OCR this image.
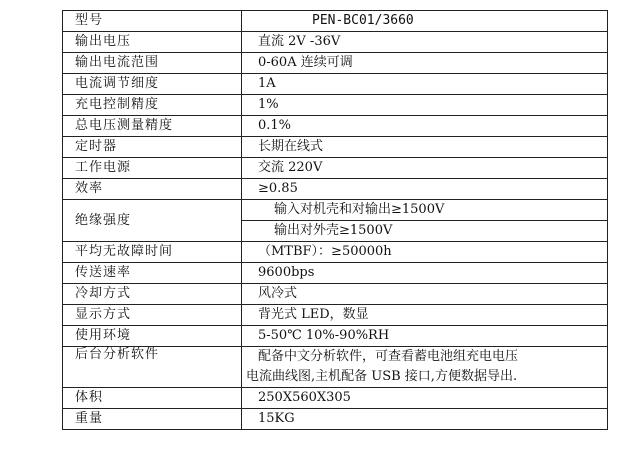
型号	PEN-BC01/3660
输出电压	直流 2V -36V
输出电流范围	0-60A 连续可调
电流调节细度	1A
充电控制精度	1%
总电压测量精度	0.1%
定时器	长期在线式
工作电源	交流 220V
效率	≥0.85
绝缘强度	输入对机壳和对输出≥1500V
	输出对外壳≥1500V
平均无故障时间	（MTBF）：≥50000h
传送速率	9600bps
冷却方式	风冷式
显示方式	背光式 LED，数显
使用环境	5-50℃ 10%-90%RH
后台分析软件	配备中文分析软件，可查看蓄电池组充电电压
电流曲线图,主机配备 USB 接口,方便数据导出.
体积	250X560X305
重量	15KG
